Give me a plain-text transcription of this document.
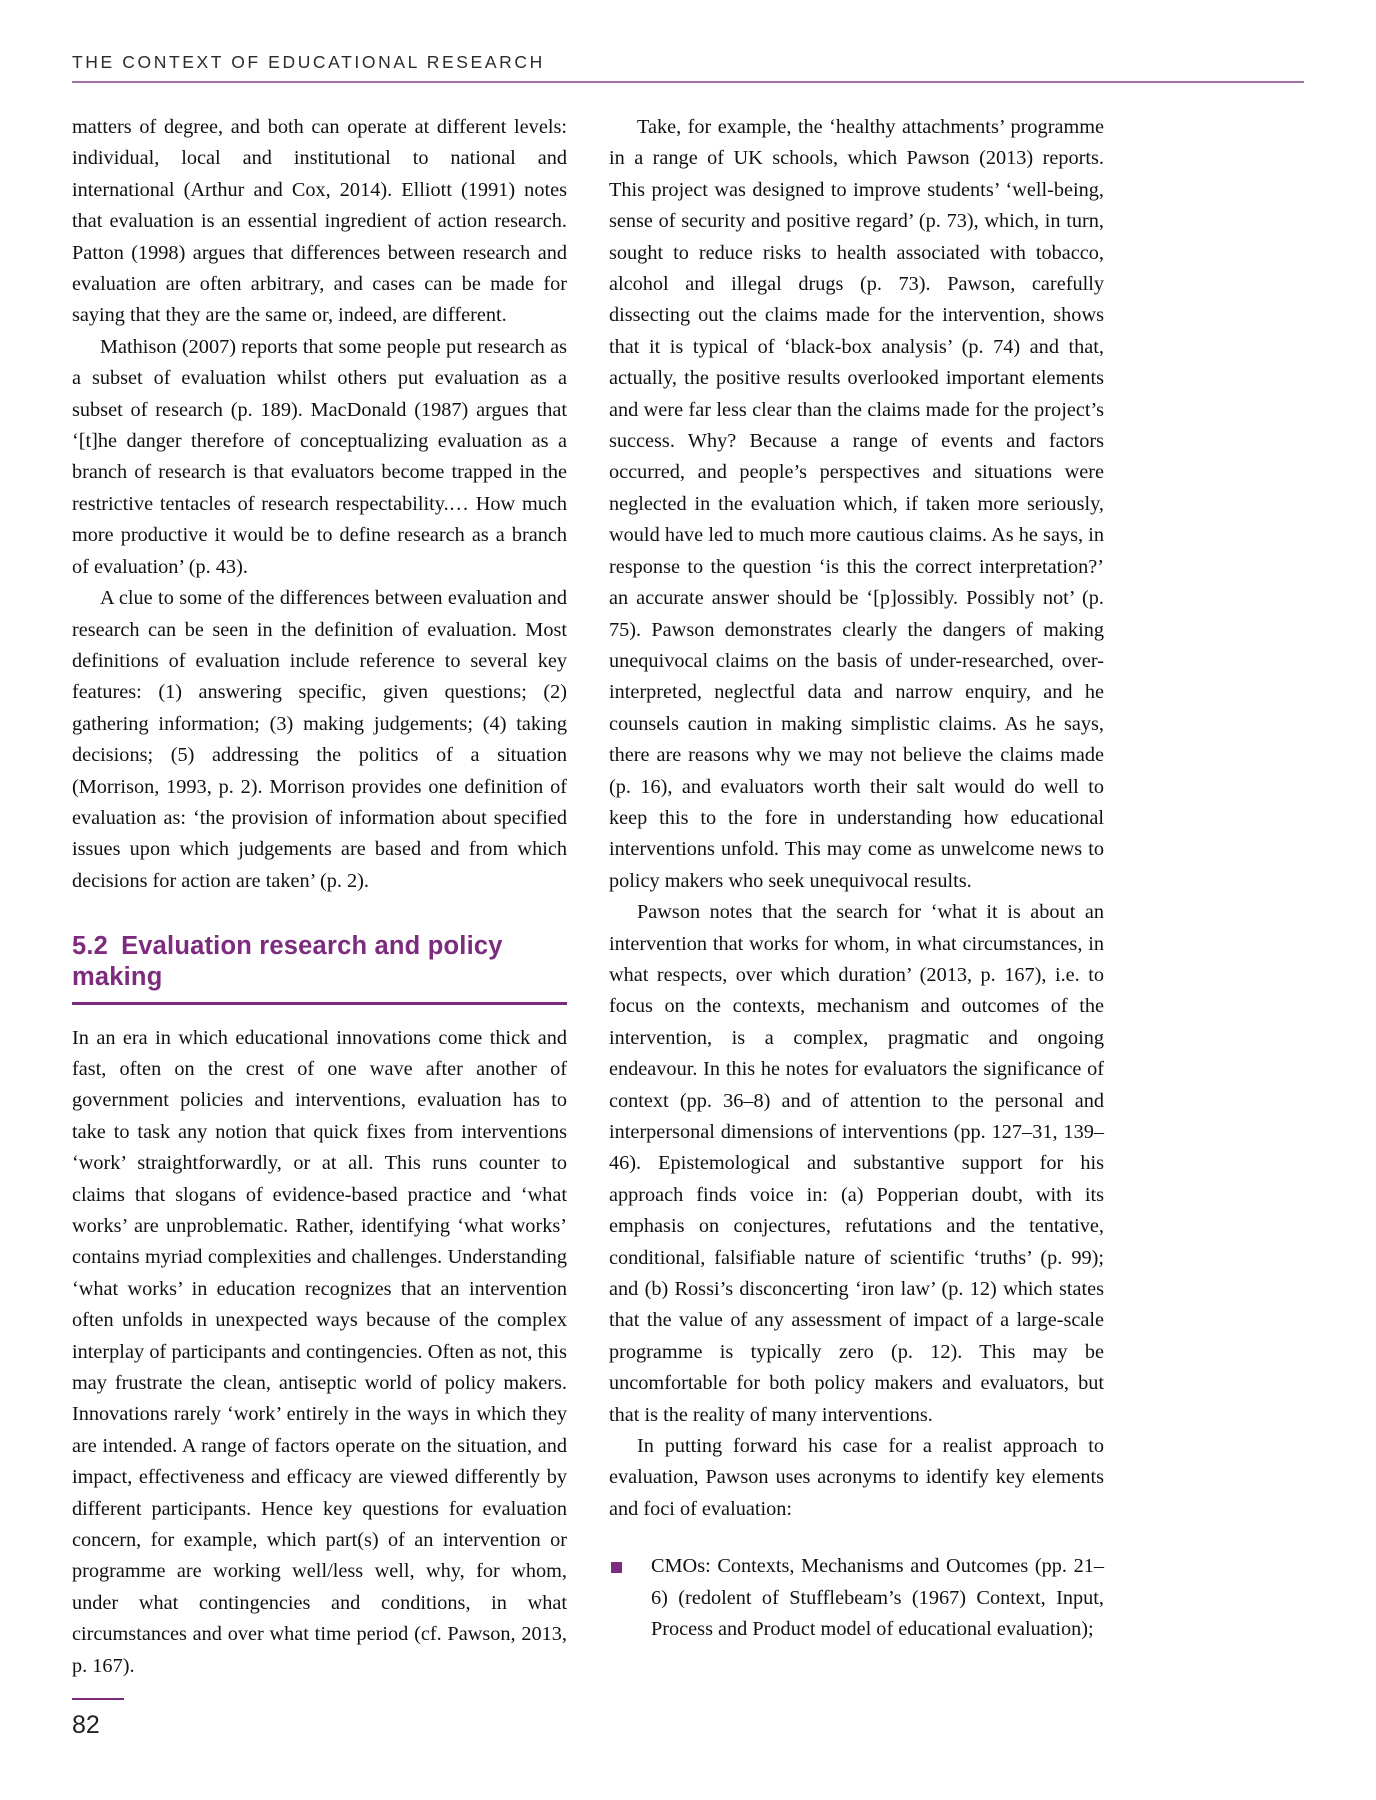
THE CONTEXT OF EDUCATIONAL RESEARCH

matters of degree, and both can operate at different levels: individual, local and institutional to national and international (Arthur and Cox, 2014). Elliott (1991) notes that evaluation is an essential ingredient of action research. Patton (1998) argues that differences between research and evaluation are often arbitrary, and cases can be made for saying that they are the same or, indeed, are different.

Mathison (2007) reports that some people put research as a subset of evaluation whilst others put evaluation as a subset of research (p. 189). MacDonald (1987) argues that ‘[t]he danger therefore of conceptualizing evaluation as a branch of research is that evaluators become trapped in the restrictive tentacles of research respectability.… How much more productive it would be to define research as a branch of evaluation’ (p. 43).

A clue to some of the differences between evaluation and research can be seen in the definition of evaluation. Most definitions of evaluation include reference to several key features: (1) answering specific, given questions; (2) gathering information; (3) making judgements; (4) taking decisions; (5) addressing the politics of a situation (Morrison, 1993, p. 2). Morrison provides one definition of evaluation as: ‘the provision of information about specified issues upon which judgements are based and from which decisions for action are taken’ (p. 2).

5.2 Evaluation research and policy making

In an era in which educational innovations come thick and fast, often on the crest of one wave after another of government policies and interventions, evaluation has to take to task any notion that quick fixes from interventions ‘work’ straightforwardly, or at all. This runs counter to claims that slogans of evidence-based practice and ‘what works’ are unproblematic. Rather, identifying ‘what works’ contains myriad complexities and challenges. Understanding ‘what works’ in education recognizes that an intervention often unfolds in unexpected ways because of the complex interplay of participants and contingencies. Often as not, this may frustrate the clean, antiseptic world of policy makers. Innovations rarely ‘work’ entirely in the ways in which they are intended. A range of factors operate on the situation, and impact, effectiveness and efficacy are viewed differently by different participants. Hence key questions for evaluation concern, for example, which part(s) of an intervention or programme are working well/less well, why, for whom, under what contingencies and conditions, in what circumstances and over what time period (cf. Pawson, 2013, p. 167).

Take, for example, the ‘healthy attachments’ programme in a range of UK schools, which Pawson (2013) reports. This project was designed to improve students’ ‘well-being, sense of security and positive regard’ (p. 73), which, in turn, sought to reduce risks to health associated with tobacco, alcohol and illegal drugs (p. 73). Pawson, carefully dissecting out the claims made for the intervention, shows that it is typical of ‘black-box analysis’ (p. 74) and that, actually, the positive results overlooked important elements and were far less clear than the claims made for the project’s success. Why? Because a range of events and factors occurred, and people’s perspectives and situations were neglected in the evaluation which, if taken more seriously, would have led to much more cautious claims. As he says, in response to the question ‘is this the correct interpretation?’ an accurate answer should be ‘[p]ossibly. Possibly not’ (p. 75). Pawson demonstrates clearly the dangers of making unequivocal claims on the basis of under-researched, over-interpreted, neglectful data and narrow enquiry, and he counsels caution in making simplistic claims. As he says, there are reasons why we may not believe the claims made (p. 16), and evaluators worth their salt would do well to keep this to the fore in understanding how educational interventions unfold. This may come as unwelcome news to policy makers who seek unequivocal results.

Pawson notes that the search for ‘what it is about an intervention that works for whom, in what circumstances, in what respects, over which duration’ (2013, p. 167), i.e. to focus on the contexts, mechanism and outcomes of the intervention, is a complex, pragmatic and ongoing endeavour. In this he notes for evaluators the significance of context (pp. 36–8) and of attention to the personal and interpersonal dimensions of interventions (pp. 127–31, 139–46). Epistemological and substantive support for his approach finds voice in: (a) Popperian doubt, with its emphasis on conjectures, refutations and the tentative, conditional, falsifiable nature of scientific ‘truths’ (p. 99); and (b) Rossi’s disconcerting ‘iron law’ (p. 12) which states that the value of any assessment of impact of a large-scale programme is typically zero (p. 12). This may be uncomfortable for both policy makers and evaluators, but that is the reality of many interventions.

In putting forward his case for a realist approach to evaluation, Pawson uses acronyms to identify key elements and foci of evaluation:

CMOs: Contexts, Mechanisms and Outcomes (pp. 21–6) (redolent of Stufflebeam’s (1967) Context, Input, Process and Product model of educational evaluation);
82
